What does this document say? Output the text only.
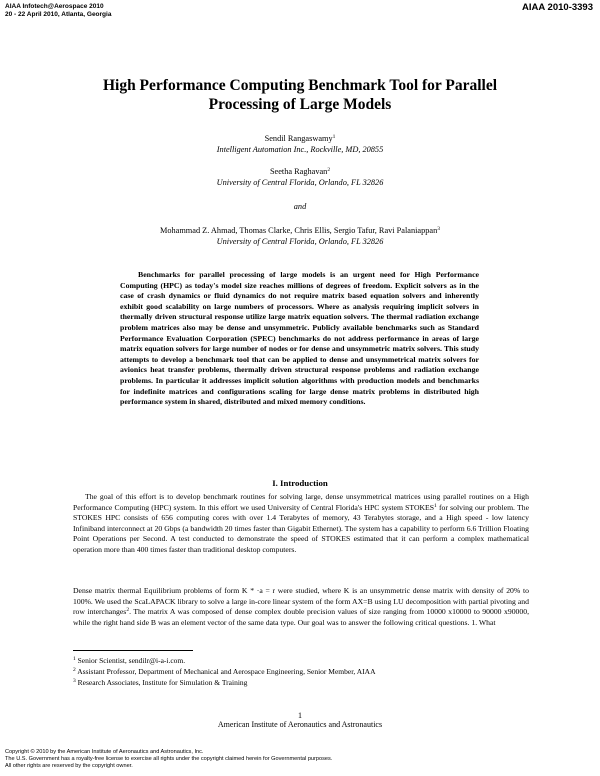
AIAA Infotech@Aerospace 2010
20 - 22 April 2010, Atlanta, Georgia
AIAA 2010-3393
High Performance Computing Benchmark Tool for Parallel
Processing of Large Models
Sendil Rangaswamy$^1$
Intelligent Automation Inc., Rockville, MD, 20855
Seetha Raghavan$^2$
University of Central Florida, Orlando, FL 32826
and
Mohammad Z. Ahmad, Thomas Clarke, Chris Ellis, Sergio Tafur, Ravi Palaniappan$^3$
University of Central Florida, Orlando, FL 32826
Benchmarks for parallel processing of large models is an urgent need for High Performance Computing (HPC) as today's model size reaches millions of degrees of freedom. Explicit solvers as in the case of crash dynamics or fluid dynamics do not require matrix based equation solvers and inherently exhibit good scalability on large numbers of processors. Where as analysis requiring implicit solvers in thermally driven structural response utilize large matrix equation solvers. The thermal radiation exchange problem matrices also may be dense and unsymmetric. Publicly available benchmarks such as Standard Performance Evaluation Corporation (SPEC) benchmarks do not address performance in areas of large matrix equation solvers for large number of nodes or for dense and unsymmetric matrix solvers. This study attempts to develop a benchmark tool that can be applied to dense and unsymmetrical matrix solvers for avionics heat transfer problems, thermally driven structural response problems and radiation exchange problems. In particular it addresses implicit solution algorithms with production models and benchmarks for indefinite matrices and configurations scaling for large dense matrix problems in distributed high performance system in shared, distributed and mixed memory conditions.
I. Introduction
The goal of this effort is to develop benchmark routines for solving large, dense unsymmetrical matrices using parallel routines on a High Performance Computing (HPC) system. In this effort we used University of Central Florida's HPC system STOKES$^1$ for solving our problem. The STOKES HPC consists of 656 computing cores with over 1.4 Terabytes of memory, 43 Terabytes storage, and a High speed - low latency Infiniband interconnect at 20 Gbps (a bandwidth 20 times faster than Gigabit Ethernet). The system has a capability to perform 6.6 Trillion Floating Point Operations per Second. A test conducted to demonstrate the speed of STOKES estimated that it can perform a complex mathematical operation more than 400 times faster than traditional desktop computers.
Dense matrix thermal Equilibrium problems of form K * ·a = r were studied, where K is an unsymmetric dense matrix with density of 20% to 100%. We used the ScaLAPACK library to solve a large in-core linear system of the form AX=B using LU decomposition with partial pivoting and row interchanges$^2$. The matrix A was composed of dense complex double precision values of size ranging from 10000 x10000 to 90000 x90000, while the right hand side B was an element vector of the same data type. Our goal was to answer the following critical questions. 1. What
$^1$ Senior Scientist, sendilr@i-a-i.com.
$^2$ Assistant Professor, Department of Mechanical and Aerospace Engineering, Senior Member, AIAA
$^3$ Research Associates, Institute for Simulation & Training
1
American Institute of Aeronautics and Astronautics
Copyright © 2010 by the American Institute of Aeronautics and Astronautics, Inc.
The U.S. Government has a royalty-free license to exercise all rights under the copyright claimed herein for Governmental purposes.
All other rights are reserved by the copyright owner.
